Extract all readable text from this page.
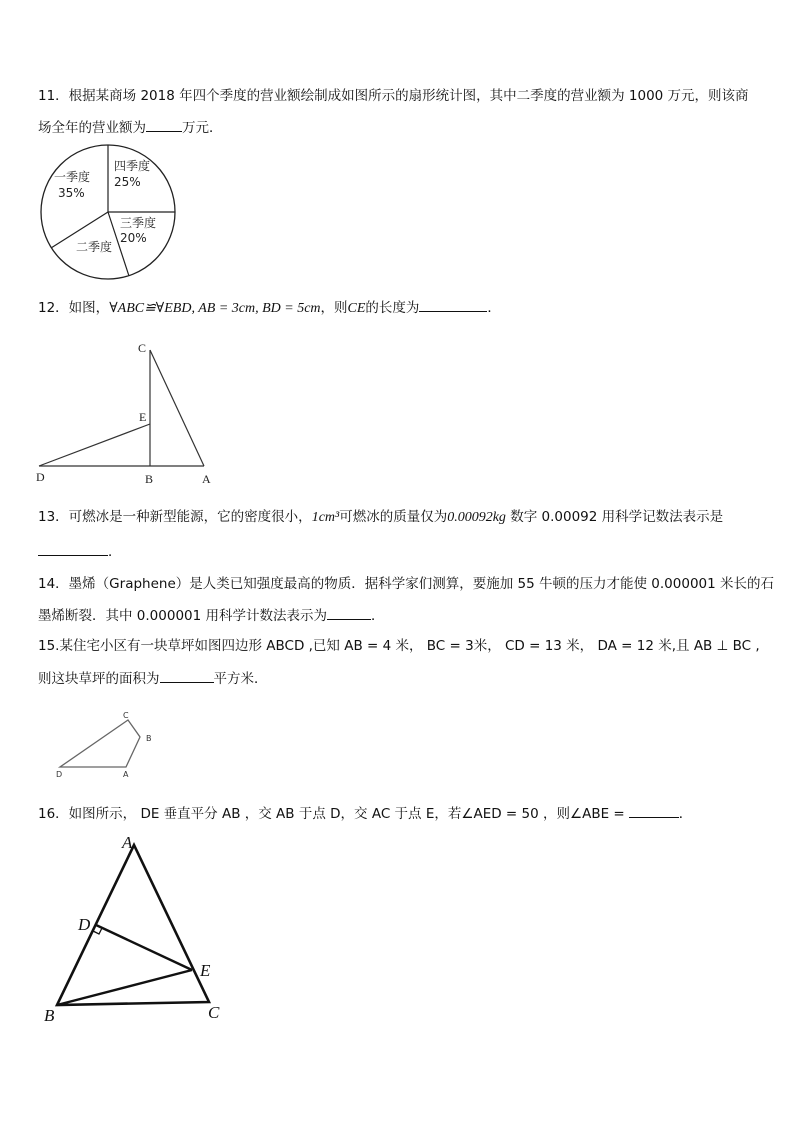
11．根据某商场 2018 年四个季度的营业额绘制成如图所示的扇形统计图，其中二季度的营业额为 1000 万元，则该商
场全年的营业额为	万元．
四季度
25%
一季度
35%
三季度
20%
二季度
12．如图，∀ABC≌∀EBD, AB = 3cm, BD = 5cm，则CE的长度为	．
C
E
D	B	A
13．可燃冰是一种新型能源，它的密度很小，1cm³可燃冰的质量仅为0.00092kg 数字 0.00092 用科学记数法表示是
．
14．墨烯（Graphene）是人类已知强度最高的物质．据科学家们测算，要施加 55 牛顿的压力才能使 0.000001 米长的石
墨烯断裂．其中 0.000001 用科学计数法表示为	．
15.某住宅小区有一块草坪如图四边形 ABCD ,已知 AB = 4 米， BC = 3米， CD = 13 米， DA = 12 米,且 AB ⊥ BC ,
则这块草坪的面积为	平方米．
C
B
D	A
16．如图所示， DE 垂直平分 AB ，交 AB 于点 D，交 AC 于点 E，若∠AED = 50 ，则∠ABE =	．
A
D
E
B	C
